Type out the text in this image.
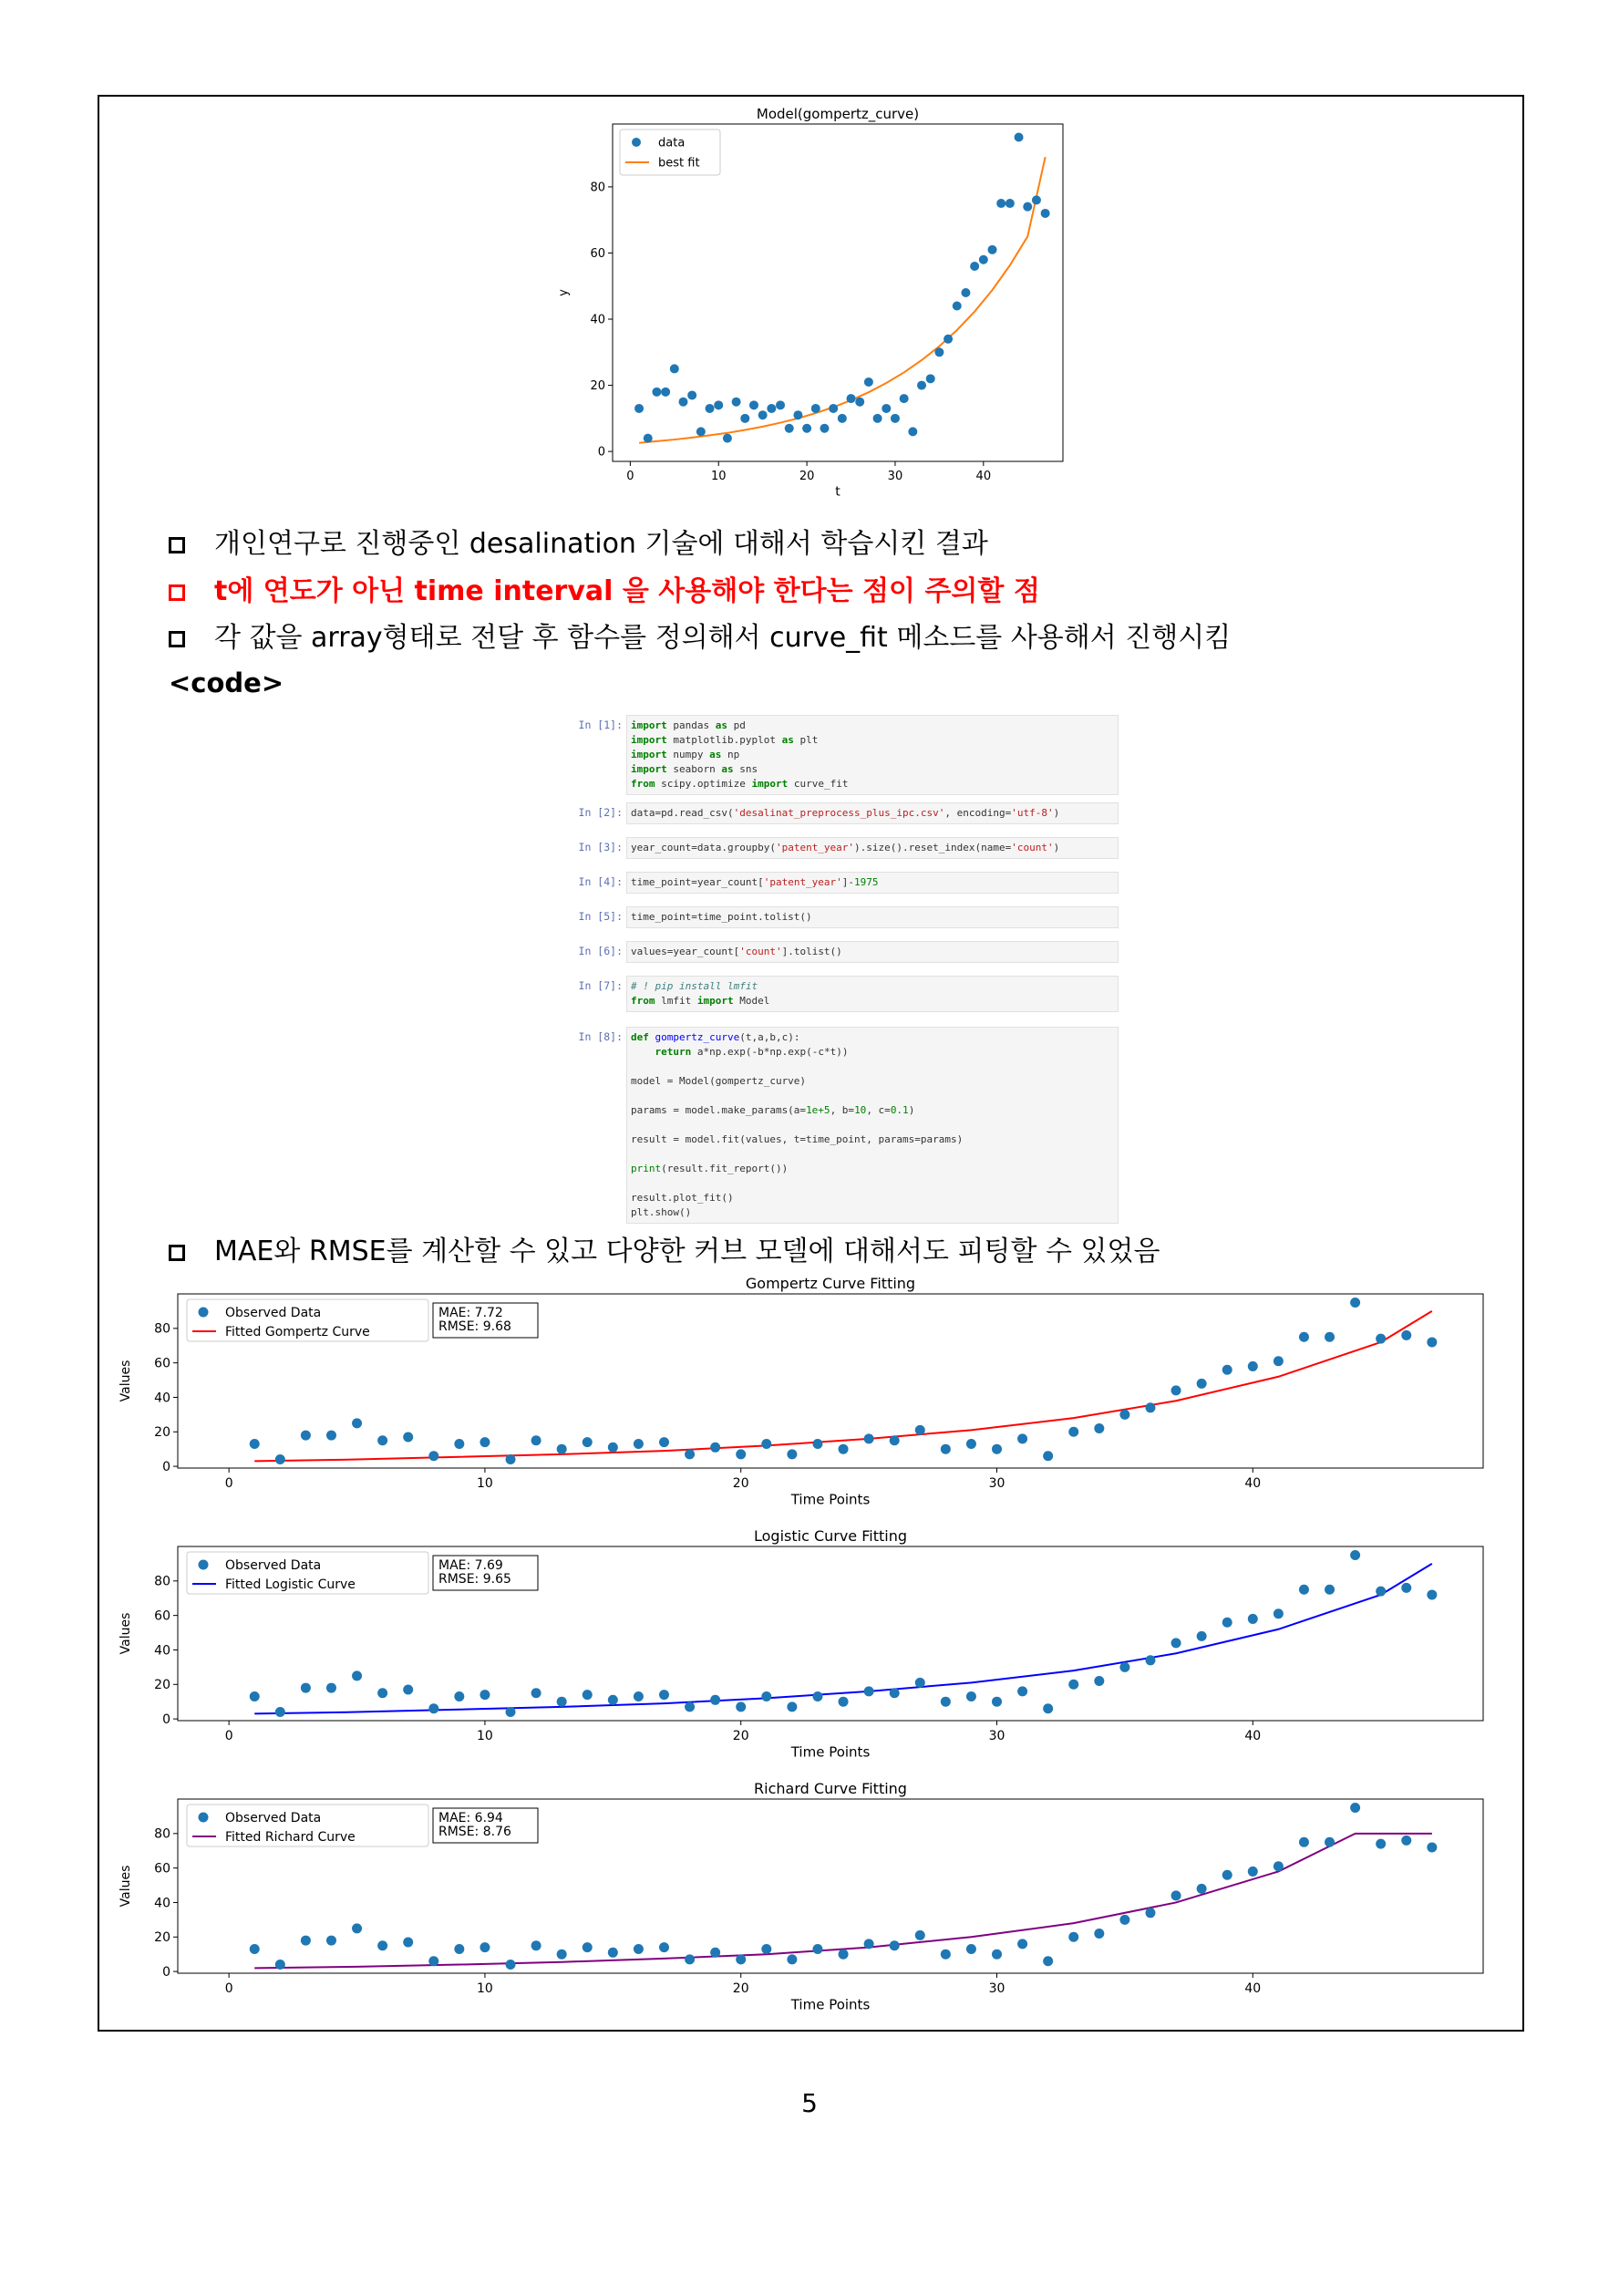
Model(gompertz_curve)
0	10	20	30	40
0
20
40
60
80
t
y
data
best fit
개인연구로 진행중인 desalination 기술에 대해서 학습시킨 결과
t에 연도가 아닌 time interval 을 사용해야 한다는 점이 주의할 점
각 값을 array형태로 전달 후 함수를 정의해서 curve_fit 메소드를 사용해서 진행시킴
<code>
In [1]: import pandas as pd
import matplotlib.pyplot as plt
import numpy as np
import seaborn as sns
from scipy.optimize import curve_fit
In [2]: data=pd.read_csv('desalinat_preprocess_plus_ipc.csv', encoding='utf-8')
In [3]: year_count=data.groupby('patent_year').size().reset_index(name='count')
In [4]: time_point=year_count['patent_year']-1975
In [5]: time_point=time_point.tolist()
In [6]: values=year_count['count'].tolist()
In [7]: # ! pip install lmfit
from lmfit import Model
In [8]: def gompertz_curve(t,a,b,c):
return a*np.exp(-b*np.exp(-c*t))

model = Model(gompertz_curve)

params = model.make_params(a=1e+5, b=10, c=0.1)

result = model.fit(values, t=time_point, params=params)

print(result.fit_report())

result.plot_fit()
plt.show()
MAE와 RMSE를 계산할 수 있고 다양한 커브 모델에 대해서도 피팅할 수 있었음
Gompertz Curve Fitting
0	10	20	30	40
0
20
40
60
80
Time Points
Values
Observed Data
Fitted Gompertz Curve
MAE: 7.72
RMSE: 9.68
Logistic Curve Fitting
0	10	20	30	40
0
20
40
60
80
Time Points
Values
Observed Data
Fitted Logistic Curve
MAE: 7.69
RMSE: 9.65
Richard Curve Fitting
0	10	20	30	40
0
20
40
60
80
Time Points
Values
Observed Data
Fitted Richard Curve
MAE: 6.94
RMSE: 8.76
5
